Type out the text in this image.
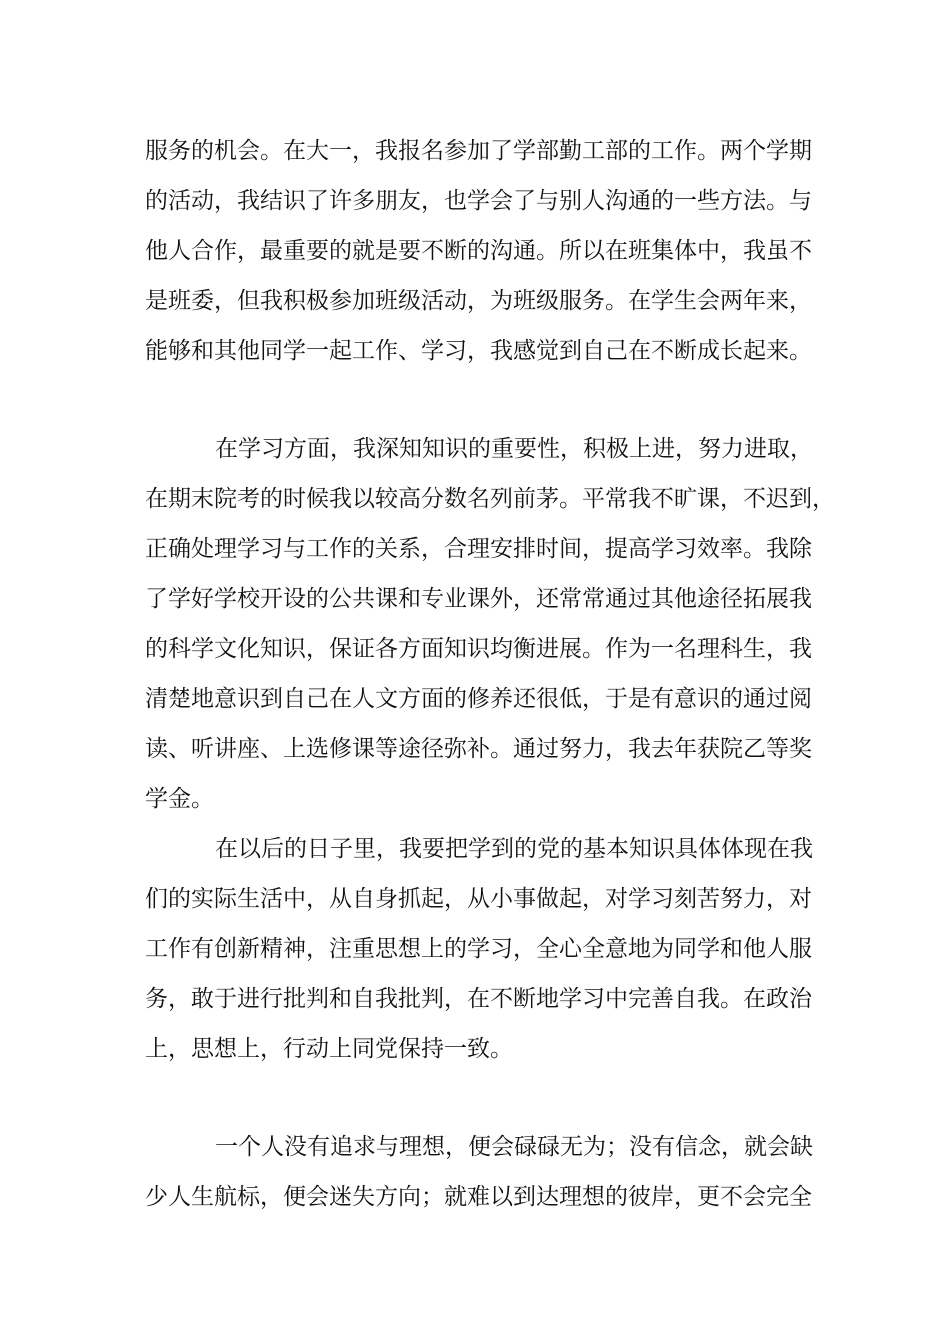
服务的机会。在大一，我报名参加了学部勤工部的工作。两个学期
的活动，我结识了许多朋友，也学会了与别人沟通的一些方法。与
他人合作，最重要的就是要不断的沟通。所以在班集体中，我虽不
是班委，但我积极参加班级活动，为班级服务。在学生会两年来，
能够和其他同学一起工作、学习，我感觉到自己在不断成长起来。
在学习方面，我深知知识的重要性，积极上进，努力进取，
在期末院考的时候我以较高分数名列前茅。平常我不旷课，不迟到，
正确处理学习与工作的关系，合理安排时间，提高学习效率。我除
了学好学校开设的公共课和专业课外，还常常通过其他途径拓展我
的科学文化知识，保证各方面知识均衡进展。作为一名理科生，我
清楚地意识到自己在人文方面的修养还很低，于是有意识的通过阅
读、听讲座、上选修课等途径弥补。通过努力，我去年获院乙等奖
学金。
在以后的日子里，我要把学到的党的基本知识具体体现在我
们的实际生活中，从自身抓起，从小事做起，对学习刻苦努力，对
工作有创新精神，注重思想上的学习，全心全意地为同学和他人服
务，敢于进行批判和自我批判，在不断地学习中完善自我。在政治
上，思想上，行动上同党保持一致。
一个人没有追求与理想，便会碌碌无为；没有信念，就会缺
少人生航标，便会迷失方向；就难以到达理想的彼岸，更不会完全
